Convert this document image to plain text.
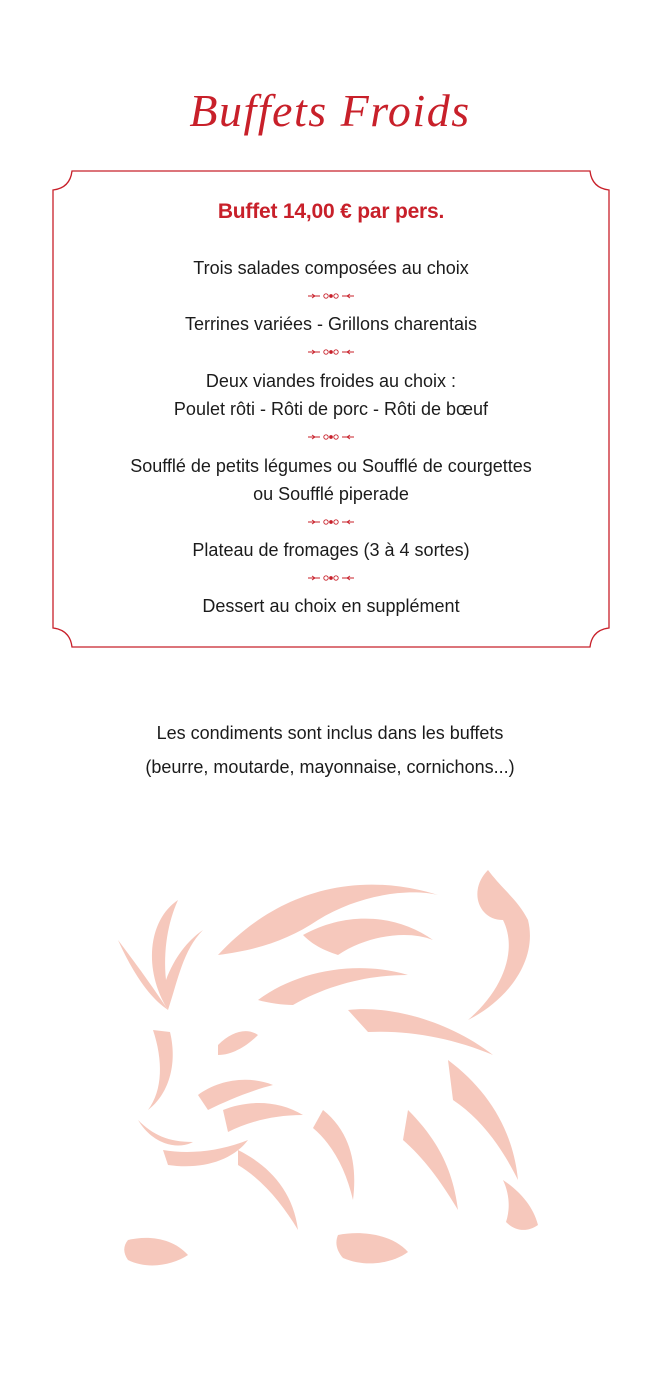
Buffets Froids
Buffet 14,00 € par pers.
Trois salades composées au choix
Terrines variées - Grillons charentais
Deux viandes froides au choix :
Poulet rôti - Rôti de porc - Rôti de bœuf
Soufflé de petits légumes ou Soufflé de courgettes
ou Soufflé piperade
Plateau de fromages (3 à 4 sortes)
Dessert au choix en supplément
Les condiments sont inclus dans les buffets
(beurre, moutarde, mayonnaise, cornichons...)
